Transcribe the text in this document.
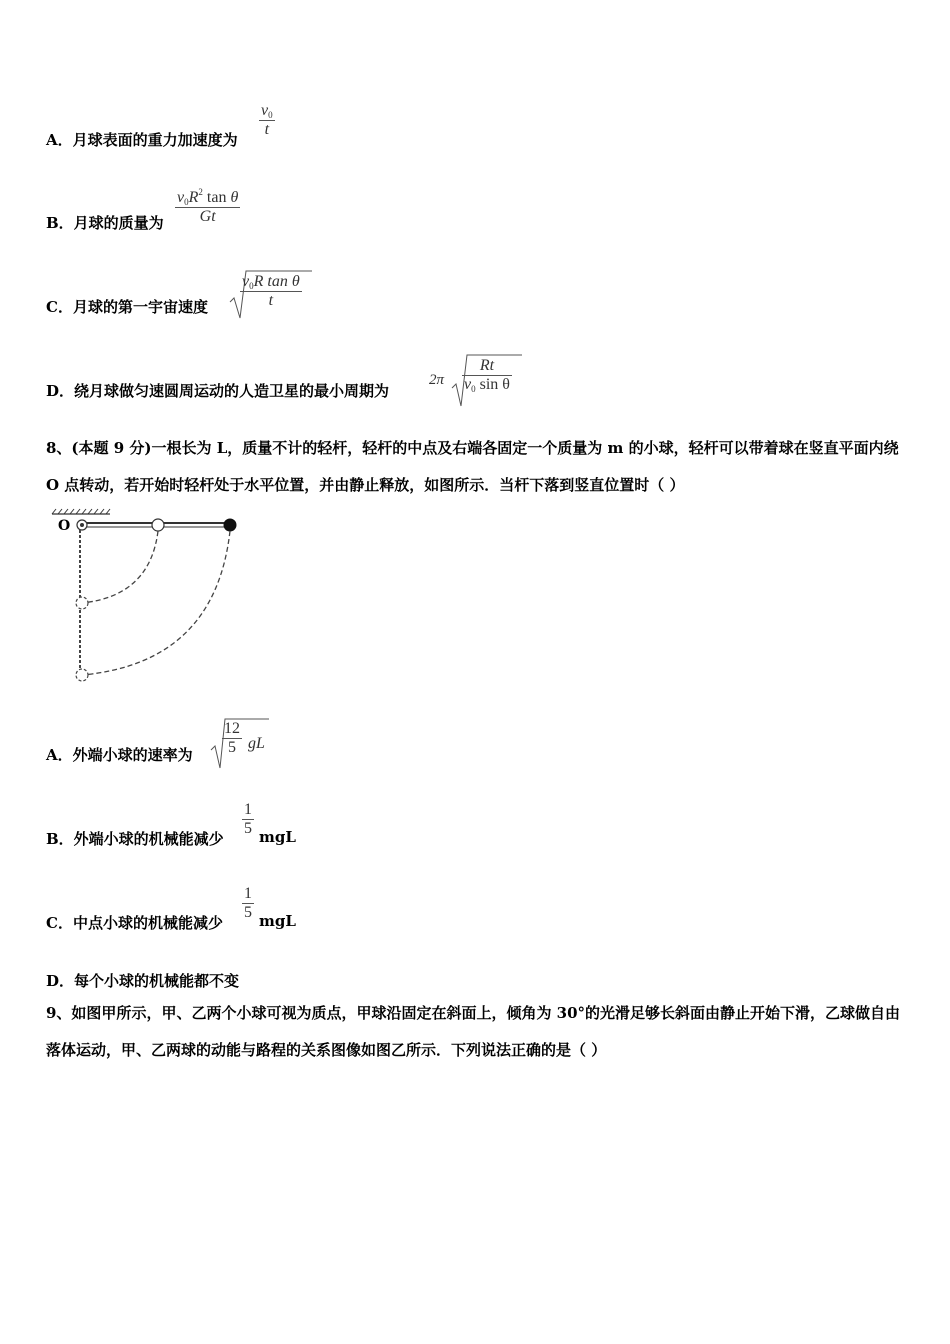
A．月球表面的重力加速度为
$v_0$
t
B．月球的质量为
$v_0R^2$ tan θ
Gt
C．月球的第一宇宙速度
$v_0R$ tan θ
t
D．绕月球做匀速圆周运动的人造卫星的最小周期为
2π
Rt
$v_0$ sin θ
8、(本题 9 分)一根长为 L，质量不计的轻杆，轻杆的中点及右端各固定一个质量为 m 的小球，轻杆可以带着球在竖直平面内绕 O 点转动，若开始时轻杆处于水平位置，并由静止释放，如图所示．当杆下落到竖直位置时（ ）
O
A．外端小球的速率为
12
5 gL
B．外端小球的机械能减少
1
5 mgL
C．中点小球的机械能减少
1
5 mgL
D．每个小球的机械能都不变
9、如图甲所示，甲、乙两个小球可视为质点，甲球沿固定在斜面上，倾角为 30°的光滑足够长斜面由静止开始下滑，乙球做自由落体运动，甲、乙两球的动能与路程的关系图像如图乙所示．下列说法正确的是（ ）
